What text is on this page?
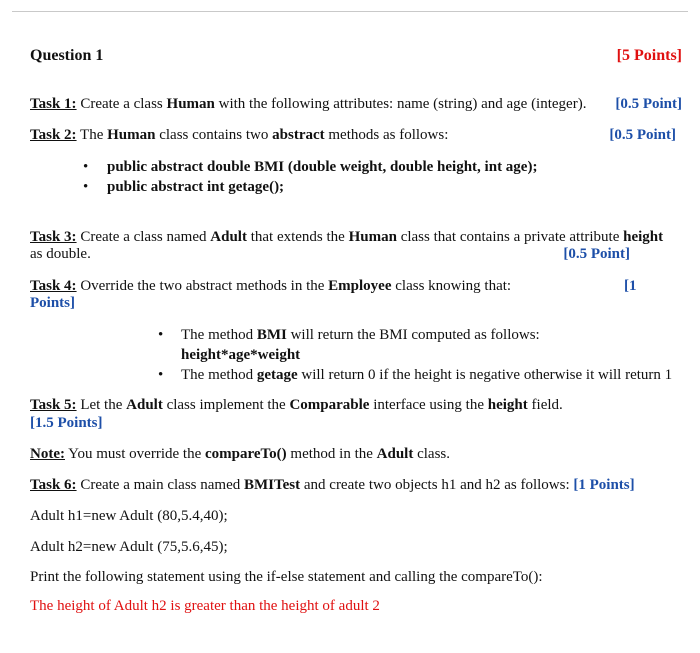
Question 1	[5 Points]
Task 1: Create a class Human with the following attributes: name (string) and age (integer). [0.5 Point]
Task 2: The Human class contains two abstract methods as follows:	[0.5 Point]
• public abstract double BMI (double weight, double height, int age);
• public abstract int getage();
Task 3: Create a class named Adult that extends the Human class that contains a private attribute height
as double.	[0.5 Point]
Task 4: Override the two abstract methods in the Employee class knowing that:	[1
Points]
• The method BMI will return the BMI computed as follows:
height*age*weight
• The method getage will return 0 if the height is negative otherwise it will return 1
Task 5: Let the Adult class implement the Comparable interface using the height field.
[1.5 Points]
Note: You must override the compareTo() method in the Adult class.
Task 6: Create a main class named BMITest and create two objects h1 and h2 as follows: [1 Points]
Adult h1=new Adult (80,5.4,40);
Adult h2=new Adult (75,5.6,45);
Print the following statement using the if-else statement and calling the compareTo():
The height of Adult h2 is greater than the height of adult 2
